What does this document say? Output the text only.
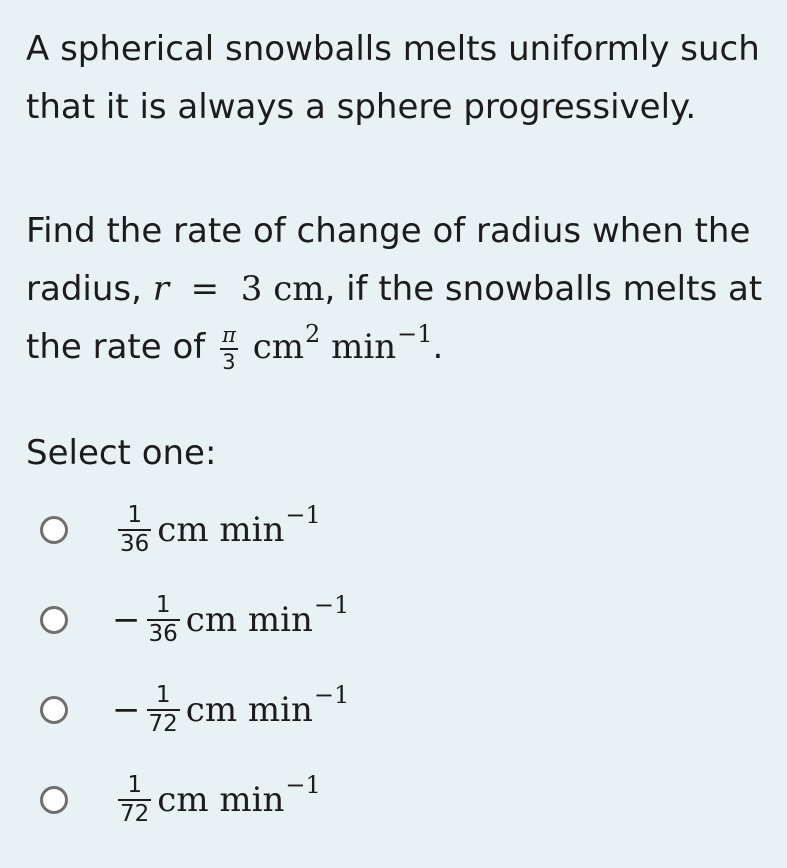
A spherical snowballs melts uniformly such that it is always a sphere progressively.

Find the rate of change of radius when the radius, r = 3 cm, if the snowballs melts at the rate of $\frac{\pi}{3} cm^2$ $\min^{-1}$.

Select one:

$\frac{1}{36}$ cm $\min^{-1}$
− $\frac{1}{36}$ cm $\min^{-1}$
− $\frac{1}{72}$ cm $\min^{-1}$
$\frac{1}{72}$ cm $\min^{-1}$
